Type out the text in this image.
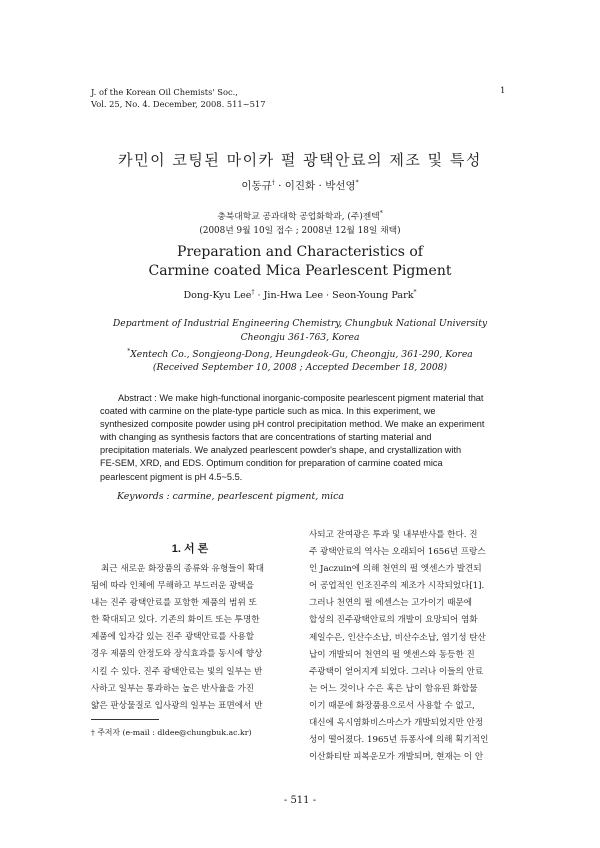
J. of the Korean Oil Chemists' Soc.,
Vol. 25, No. 4. December, 2008. 511~517
1
카민이 코팅된 마이카 펄 광택안료의 제조 및 특성
이동규† · 이진화 · 박선영*
충북대학교 공과대학 공업화학과, (주)젠텍*
(2008년 9월 10일 접수 ; 2008년 12월 18일 채택)
Preparation and Characteristics of
Carmine coated Mica Pearlescent Pigment
Dong-Kyu Lee† · Jin-Hwa Lee · Seon-Young Park*
Department of Industrial Engineering Chemistry, Chungbuk National University
Cheongju 361-763, Korea
*Xentech Co., Songjeong-Dong, Heungdeok-Gu, Cheongju, 361-290, Korea
(Received September 10, 2008 ; Accepted December 18, 2008)
Abstract : We make high-functional inorganic-composite pearlescent pigment material that
coated with carmine on the plate-type particle such as mica. In this experiment, we
synthesized composite powder using pH control precipitation method. We make an experiment
with changing as synthesis factors that are concentrations of starting material and
precipitation materials. We analyzed pearlescent powder's shape, and crystallization with
FE-SEM, XRD, and EDS. Optimum condition for preparation of carmine coated mica
pearlescent pigment is pH 4.5~5.5.
Keywords : carmine, pearlescent pigment, mica
1. 서 론

최근 새로운 화장품의 종류와 유형들이 확대

됨에 따라 인체에 무해하고 부드러운 광택을

내는 진주 광택안료를 포함한 제품의 범위 또

한 확대되고 있다. 기존의 화이트 또는 투명한

제품에 입자감 있는 진주 광택안료를 사용할

경우 제품의 안정도와 장식효과를 동시에 향상

시킬 수 있다. 진주 광택안료는 빛의 일부는 반

사하고 일부는 통과하는 높은 반사율을 가진

얇은 판상물질로 입사광의 일부는 표면에서 반

† 주저자 (e-mail : dldee@chungbuk.ac.kr)

사되고 잔여광은 투과 및 내부반사를 한다. 진

주 광택안료의 역사는 오래되어 1656년 프랑스

인 Jaczuin에 의해 천연의 펄 엣센스가 발견되

어 공업적인 인조진주의 제조가 시작되었다[1].

그러나 천연의 펄 에센스는 고가이기 때문에

합성의 진주광택안료의 개발이 요망되어 염화

제일수은, 인산수소납, 비산수소납, 염기성 탄산

납이 개발되어 천연의 펄 엣센스와 동등한 진

주광택이 얻어지게 되었다. 그러나 이들의 안료

는 어느 것이나 수은 혹은 납이 함유된 화합물

이기 때문에 화장품용으로서 사용할 수 없고,

대신에 옥시염화비스마스가 개발되었지만 안정

성이 떨어졌다. 1965년 듀퐁사에 의해 획기적인

이산화티탄 피복운모가 개발되며, 현재는 이 안

- 511 -
